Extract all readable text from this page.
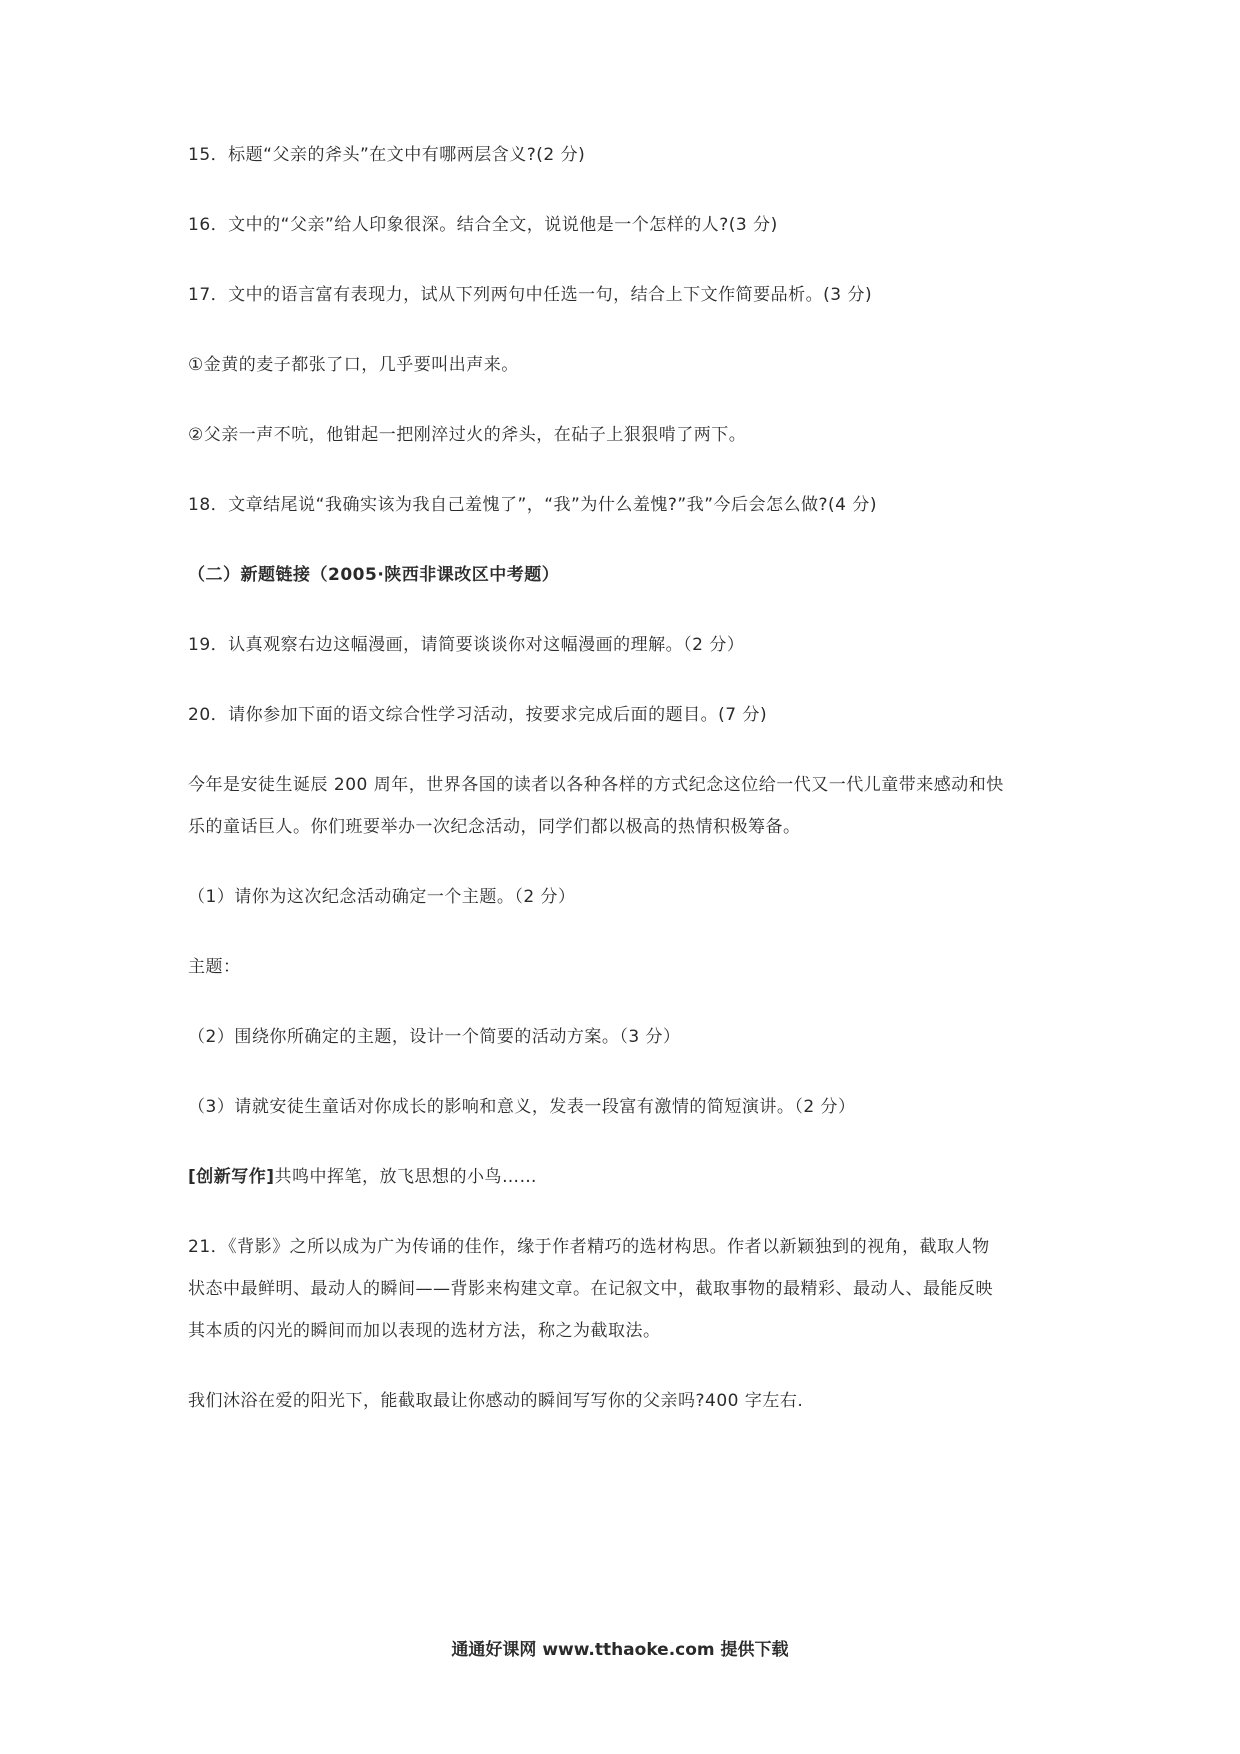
15．标题“父亲的斧头”在文中有哪两层含义?(2 分)
16．文中的“父亲”给人印象很深。结合全文，说说他是一个怎样的人?(3 分)
17．文中的语言富有表现力，试从下列两句中任选一句，结合上下文作简要品析。(3 分)
①金黄的麦子都张了口，几乎要叫出声来。
②父亲一声不吭，他钳起一把刚淬过火的斧头，在砧子上狠狠啃了两下。
18．文章结尾说“我确实该为我自己羞愧了”，“我”为什么羞愧?”我”今后会怎么做?(4 分)
（二）新题链接（2005·陕西非课改区中考题）
19．认真观察右边这幅漫画，请简要谈谈你对这幅漫画的理解。（2 分）
20．请你参加下面的语文综合性学习活动，按要求完成后面的题目。(7 分)
今年是安徒生诞辰 200 周年，世界各国的读者以各种各样的方式纪念这位给一代又一代儿童带来感动和快
乐的童话巨人。你们班要举办一次纪念活动，同学们都以极高的热情积极筹备。
（1）请你为这次纪念活动确定一个主题。（2 分）
主题：
（2）围绕你所确定的主题，设计一个简要的活动方案。（3 分）
（3）请就安徒生童话对你成长的影响和意义，发表一段富有激情的简短演讲。（2 分）
[创新写作]共鸣中挥笔，放飞思想的小鸟……
21．《背影》之所以成为广为传诵的佳作，缘于作者精巧的选材构思。作者以新颖独到的视角，截取人物
状态中最鲜明、最动人的瞬间——背影来构建文章。在记叙文中，截取事物的最精彩、最动人、最能反映
其本质的闪光的瞬间而加以表现的选材方法，称之为截取法。
我们沐浴在爱的阳光下，能截取最让你感动的瞬间写写你的父亲吗?400 字左右.
通通好课网 www.tthaoke.com 提供下载
